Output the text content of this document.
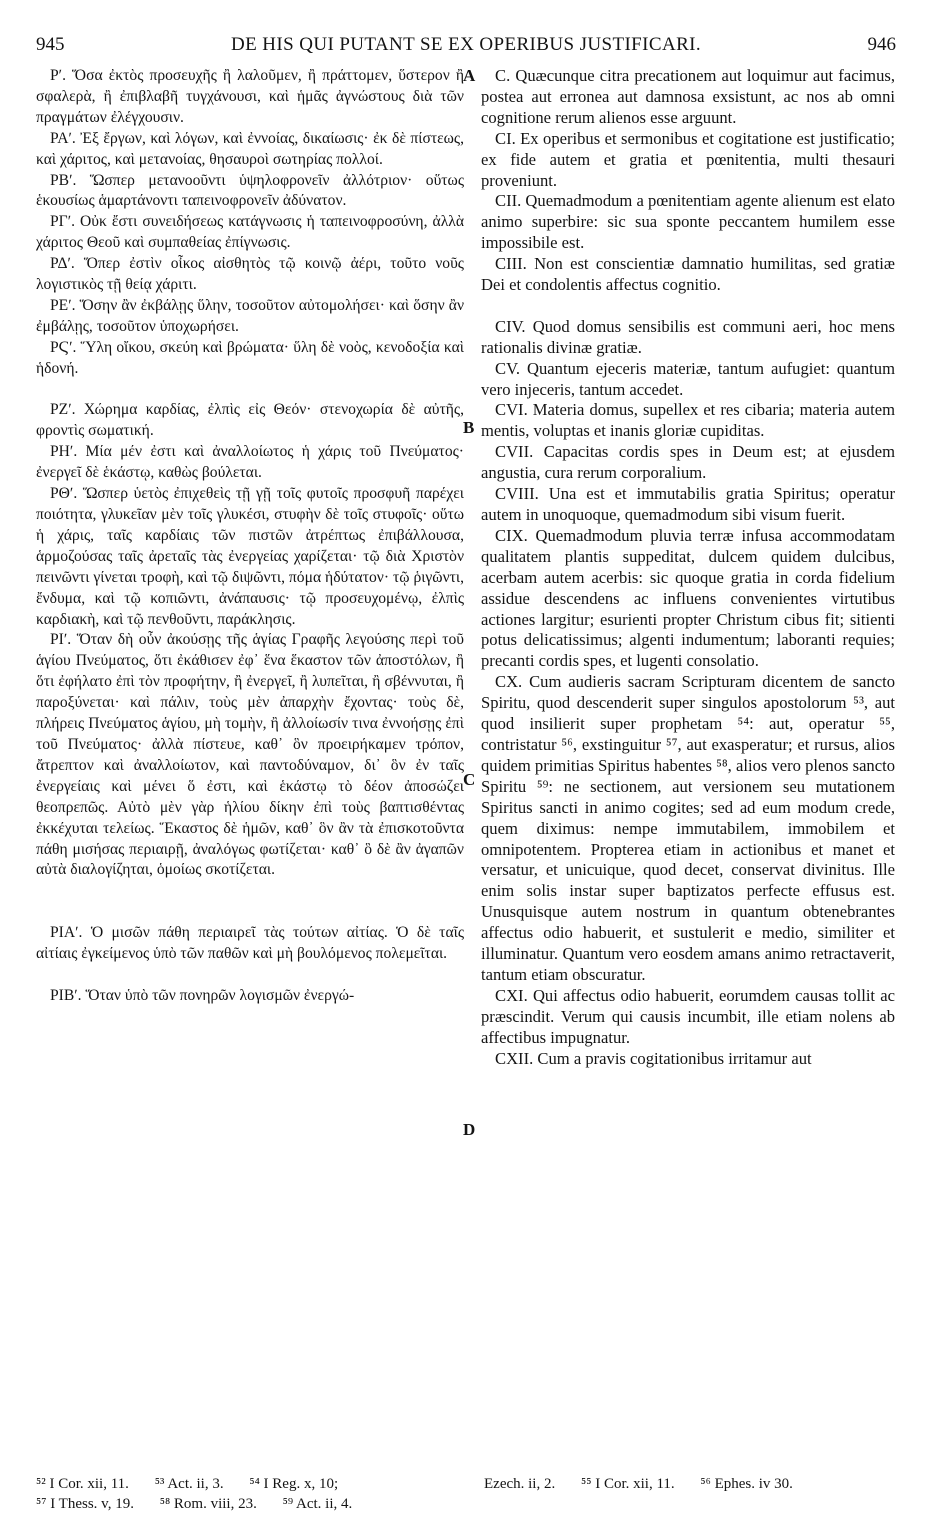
945	DE HIS QUI PUTANT SE EX OPERIBUS JUSTIFICARI.	946
A
B
C
D

Ρʹ. Ὅσα ἐκτὸς προσευχῆς ἢ λαλοῦμεν, ἢ πράττομεν, ὕστερον ἢ σφαλερὰ, ἢ ἐπιβλαβῆ τυγχάνουσι, καὶ ἡμᾶς ἀγνώστους διὰ τῶν πραγμάτων ἐλέγχουσιν.

ΡΑʹ. Ἐξ ἔργων, καὶ λόγων, καὶ ἐννοίας, δικαίωσις· ἐκ δὲ πίστεως, καὶ χάριτος, καὶ μετανοίας, θησαυροὶ σωτηρίας πολλοί.

ΡΒʹ. Ὥσπερ μετανοοῦντι ὑψηλοφρονεῖν ἀλλότριον· οὕτως ἑκουσίως ἁμαρτάνοντι ταπεινοφρονεῖν ἀδύνατον.

ΡΓʹ. Οὐκ ἔστι συνειδήσεως κατάγνωσις ἡ ταπεινοφροσύνη, ἀλλὰ χάριτος Θεοῦ καὶ συμπαθείας ἐπίγνωσις.

ΡΔʹ. Ὅπερ ἐστὶν οἶκος αἰσθητὸς τῷ κοινῷ ἀέρι, τοῦτο νοῦς λογιστικὸς τῇ θείᾳ χάριτι.

ΡΕʹ. Ὅσην ἂν ἐκβάλῃς ὕλην, τοσοῦτον αὐτομολήσει· καὶ ὅσην ἂν ἐμβάλῃς, τοσοῦτον ὑποχωρήσει.

ΡϚʹ. Ὕλη οἴκου, σκεύη καὶ βρώματα· ὕλη δὲ νοὸς, κενοδοξία καὶ ἡδονή.

ΡΖʹ. Χώρημα καρδίας, ἐλπὶς εἰς Θεόν· στενοχωρία δὲ αὐτῆς, φροντὶς σωματική.

ΡΗʹ. Μία μέν ἐστι καὶ ἀναλλοίωτος ἡ χάρις τοῦ Πνεύματος· ἐνεργεῖ δὲ ἑκάστῳ, καθὼς βούλεται.

ΡΘʹ. Ὥσπερ ὑετὸς ἐπιχεθεὶς τῇ γῇ τοῖς φυτοῖς προσφυῆ παρέχει ποιότητα, γλυκεῖαν μὲν τοῖς γλυκέσι, στυφὴν δὲ τοῖς στυφοῖς· οὕτω ἡ χάρις, ταῖς καρδίαις τῶν πιστῶν ἀτρέπτως ἐπιβάλλουσα, ἁρμοζούσας ταῖς ἀρεταῖς τὰς ἐνεργείας χαρίζεται· τῷ διὰ Χριστὸν πεινῶντι γίνεται τροφὴ, καὶ τῷ διψῶντι, πόμα ἡδύτατον· τῷ ῥιγῶντι, ἔνδυμα, καὶ τῷ κοπιῶντι, ἀνάπαυσις· τῷ προσευχομένῳ, ἐλπὶς καρδιακὴ, καὶ τῷ πενθοῦντι, παράκλησις.

ΡΙʹ. Ὅταν δὴ οὖν ἀκούσῃς τῆς ἁγίας Γραφῆς λεγούσης περὶ τοῦ ἁγίου Πνεύματος, ὅτι ἐκάθισεν ἐφ᾿ ἕνα ἕκαστον τῶν ἀποστόλων, ἢ ὅτι ἐφήλατο ἐπὶ τὸν προφήτην, ἢ ἐνεργεῖ, ἢ λυπεῖται, ἢ σβέννυται, ἢ παροξύνεται· καὶ πάλιν, τοὺς μὲν ἀπαρχὴν ἔχοντας· τοὺς δὲ, πλήρεις Πνεύματος ἁγίου, μὴ τομὴν, ἢ ἀλλοίωσίν τινα ἐννοήσῃς ἐπὶ τοῦ Πνεύματος· ἀλλὰ πίστευε, καθ᾿ ὃν προειρήκαμεν τρόπον, ἄτρεπτον καὶ ἀναλλοίωτον, καὶ παντοδύναμον, δι᾿ ὃν ἐν ταῖς ἐνεργείαις καὶ μένει ὅ ἐστι, καὶ ἑκάστῳ τὸ δέον ἀποσώζει θεοπρεπῶς. Αὐτὸ μὲν γὰρ ἡλίου δίκην ἐπὶ τοὺς βαπτισθέντας ἐκκέχυται τελείως. Ἕκαστος δὲ ἡμῶν, καθ᾿ ὃν ἂν τὰ ἐπισκοτοῦντα πάθη μισήσας περιαιρῇ, ἀναλόγως φωτίζεται· καθ᾿ ὃ δὲ ἂν ἀγαπῶν αὐτὰ διαλογίζηται, ὁμοίως σκοτίζεται.

ΡΙΑʹ. Ὁ μισῶν πάθη περιαιρεῖ τὰς τούτων αἰτίας. Ὁ δὲ ταῖς αἰτίαις ἐγκείμενος ὑπὸ τῶν παθῶν καὶ μὴ βουλόμενος πολεμεῖται.

ΡΙΒʹ. Ὅταν ὑπὸ τῶν πονηρῶν λογισμῶν ἐνεργώ-

C. Quæcunque citra precationem aut loquimur aut facimus, postea aut erronea aut damnosa exsistunt, ac nos ab omni cognitione rerum alienos esse arguunt.

CI. Ex operibus et sermonibus et cogitatione est justificatio; ex fide autem et gratia et pœnitentia, multi thesauri proveniunt.

CII. Quemadmodum a pœnitentiam agente alienum est elato animo superbire: sic sua sponte peccantem humilem esse impossibile est.

CIII. Non est conscientiæ damnatio humilitas, sed gratiæ Dei et condolentis affectus cognitio.

CIV. Quod domus sensibilis est communi aeri, hoc mens rationalis divinæ gratiæ.

CV. Quantum ejeceris materiæ, tantum aufugiet: quantum vero injeceris, tantum accedet.

CVI. Materia domus, supellex et res cibaria; materia autem mentis, voluptas et inanis gloriæ cupiditas.

CVII. Capacitas cordis spes in Deum est; at ejusdem angustia, cura rerum corporalium.

CVIII. Una est et immutabilis gratia Spiritus; operatur autem in unoquoque, quemadmodum sibi visum fuerit.

CIX. Quemadmodum pluvia terræ infusa accommodatam qualitatem plantis suppeditat, dulcem quidem dulcibus, acerbam autem acerbis: sic quoque gratia in corda fidelium assidue descendens ac influens convenientes virtutibus actiones largitur; esurienti propter Christum cibus fit; sitienti potus delicatissimus; algenti indumentum; laboranti requies; precanti cordis spes, et lugenti consolatio.

CX. Cum audieris sacram Scripturam dicentem de sancto Spiritu, quod descenderit super singulos apostolorum ⁵³, aut quod insilierit super prophetam ⁵⁴: aut, operatur ⁵⁵, contristatur ⁵⁶, exstinguitur ⁵⁷, aut exasperatur; et rursus, alios quidem primitias Spiritus habentes ⁵⁸, alios vero plenos sancto Spiritu ⁵⁹: ne sectionem, aut versionem seu mutationem Spiritus sancti in animo cogites; sed ad eum modum crede, quem diximus: nempe immutabilem, immobilem et omnipotentem. Propterea etiam in actionibus et manet et versatur, et unicuique, quod decet, conservat divinitus. Ille enim solis instar super baptizatos perfecte effusus est. Unusquisque autem nostrum in quantum obtenebrantes affectus odio habuerit, et sustulerit e medio, similiter et illuminatur. Quantum vero eosdem amans animo retractaverit, tantum etiam obscuratur.

CXI. Qui affectus odio habuerit, eorumdem causas tollit ac præscindit. Verum qui causis incumbit, ille etiam nolens ab affectibus impugnatur.

CXII. Cum a pravis cogitationibus irritamur aut

⁵² I Cor. xii, 11. ⁵³ Act. ii, 3. ⁵⁴ I Reg. x, 10;	Ezech. ii, 2. ⁵⁵ I Cor. xii, 11. ⁵⁶ Ephes. iv 30.
⁵⁷ I Thess. v, 19. ⁵⁸ Rom. viii, 23. ⁵⁹ Act. ii, 4.
